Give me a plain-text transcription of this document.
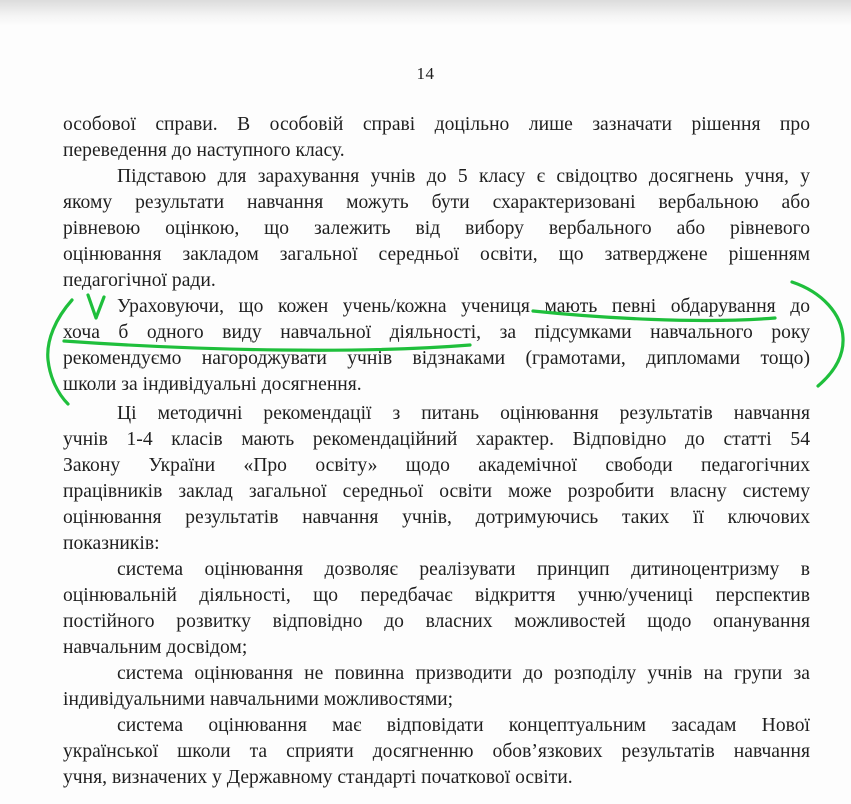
14
особової справи. В особовій справі доцільно лише зазначати рішення про
переведення до наступного класу.
Підставою для зарахування учнів до 5 класу є свідоцтво досягнень учня, у
якому результати навчання можуть бути схарактеризовані вербальною або
рівневою оцінкою, що залежить від вибору вербального або рівневого
оцінювання закладом загальної середньої освіти, що затверджене рішенням
педагогічної ради.
Ураховуючи, що кожен учень/кожна учениця мають певні обдарування до
хоча б одного виду навчальної діяльності, за підсумками навчального року
рекомендуємо нагороджувати учнів відзнаками (грамотами, дипломами тощо)
школи за індивідуальні досягнення.
Ці методичні рекомендації з питань оцінювання результатів навчання
учнів 1-4 класів мають рекомендаційний характер. Відповідно до статті 54
Закону України «Про освіту» щодо академічної свободи педагогічних
працівників заклад загальної середньої освіти може розробити власну систему
оцінювання результатів навчання учнів, дотримуючись таких її ключових
показників:
система оцінювання дозволяє реалізувати принцип дитиноцентризму в
оцінювальній діяльності, що передбачає відкриття учню/учениці перспектив
постійного розвитку відповідно до власних можливостей щодо опанування
навчальним досвідом;
система оцінювання не повинна призводити до розподілу учнів на групи за
індивідуальними навчальними можливостями;
система оцінювання має відповідати концептуальним засадам Нової
української школи та сприяти досягненню обов’язкових результатів навчання
учня, визначених у Державному стандарті початкової освіти.
